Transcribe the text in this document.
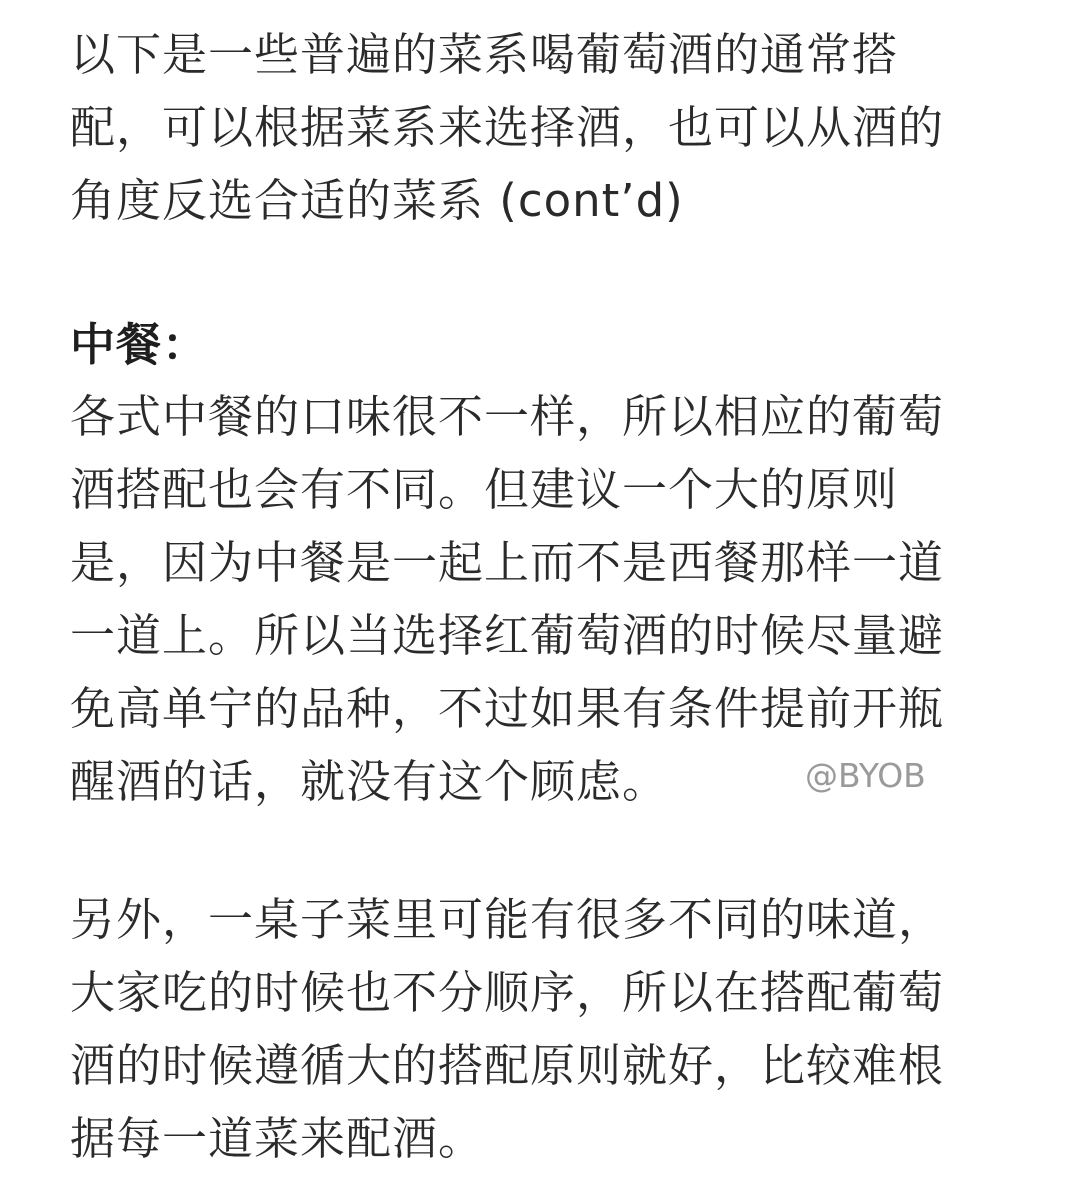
以下是一些普遍的菜系喝葡萄酒的通常搭
配，可以根据菜系来选择酒，也可以从酒的
角度反选合适的菜系 (cont’d)
中餐：
各式中餐的口味很不一样，所以相应的葡萄
酒搭配也会有不同。但建议一个大的原则
是，因为中餐是一起上而不是西餐那样一道
一道上。所以当选择红葡萄酒的时候尽量避
免高单宁的品种，不过如果有条件提前开瓶
醒酒的话，就没有这个顾虑。	@BYOB
另外，一桌子菜里可能有很多不同的味道，
大家吃的时候也不分顺序，所以在搭配葡萄
酒的时候遵循大的搭配原则就好，比较难根
据每一道菜来配酒。
